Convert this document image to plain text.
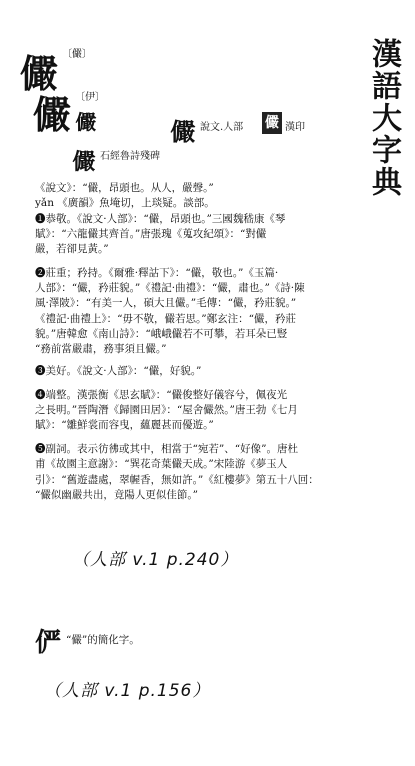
漢語大字典
儼 〔儼〕
儼 〔伊〕
儼	儼 說文.人部 儼 漢印
儼 石經魯詩殘碑
《說文》：“儼，昂頭也。从人，嚴聲。”
yǎn 《廣韻》魚埯切，上琰疑。談部。
❶恭敬。《說文·人部》：“儼，昂頭也。”三國魏嵇康《琴
賦》：“六龍儼其齊首。”唐張瑰《蒐攻紀頌》：“對儼
嚴，若卻見黃。”
❷莊重；矜持。《爾雅·釋詁下》：“儼，敬也。”《玉篇·
人部》：“儼，矜莊貌。”《禮記·曲禮》：“儼，肅也。”《詩·陳
風·澤陂》：“有美一人，碩大且儼。”毛傳：“儼，矜莊貌。”
《禮記·曲禮上》：“毋不敬，儼若思。”鄭玄注：“儼，矜莊
貌。”唐韓愈《南山詩》：“峨峨儼若不可攀，若耳朵已豎
“務前當嚴肅，務事須且儼。”
❸美好。《說文·人部》：“儼，好貌。”
❹端整。漢張衡《思玄賦》：“儼俊整好儀容兮，佩夜光
之長明。”晉陶潛《歸園田居》：“屋舍儼然。”唐王勃《七月
賦》：“雛鮮裳而容曳，蘊麗甚而優遊。”
❺副詞。表示彷彿或其中，相當于“宛若”、“好像”。唐杜
甫《故園主意謝》：“巽花奇葉儼天成。”宋陸游《夢玉人
引》：“舊遊盡處，翠幄香，無如許。”《紅樓夢》第五十八回：
“儼似幽嚴共出，竟陽人更似佳節。”
（人部 v.1 p.240）
俨 “儼”的簡化字。
（人部 v.1 p.156）
